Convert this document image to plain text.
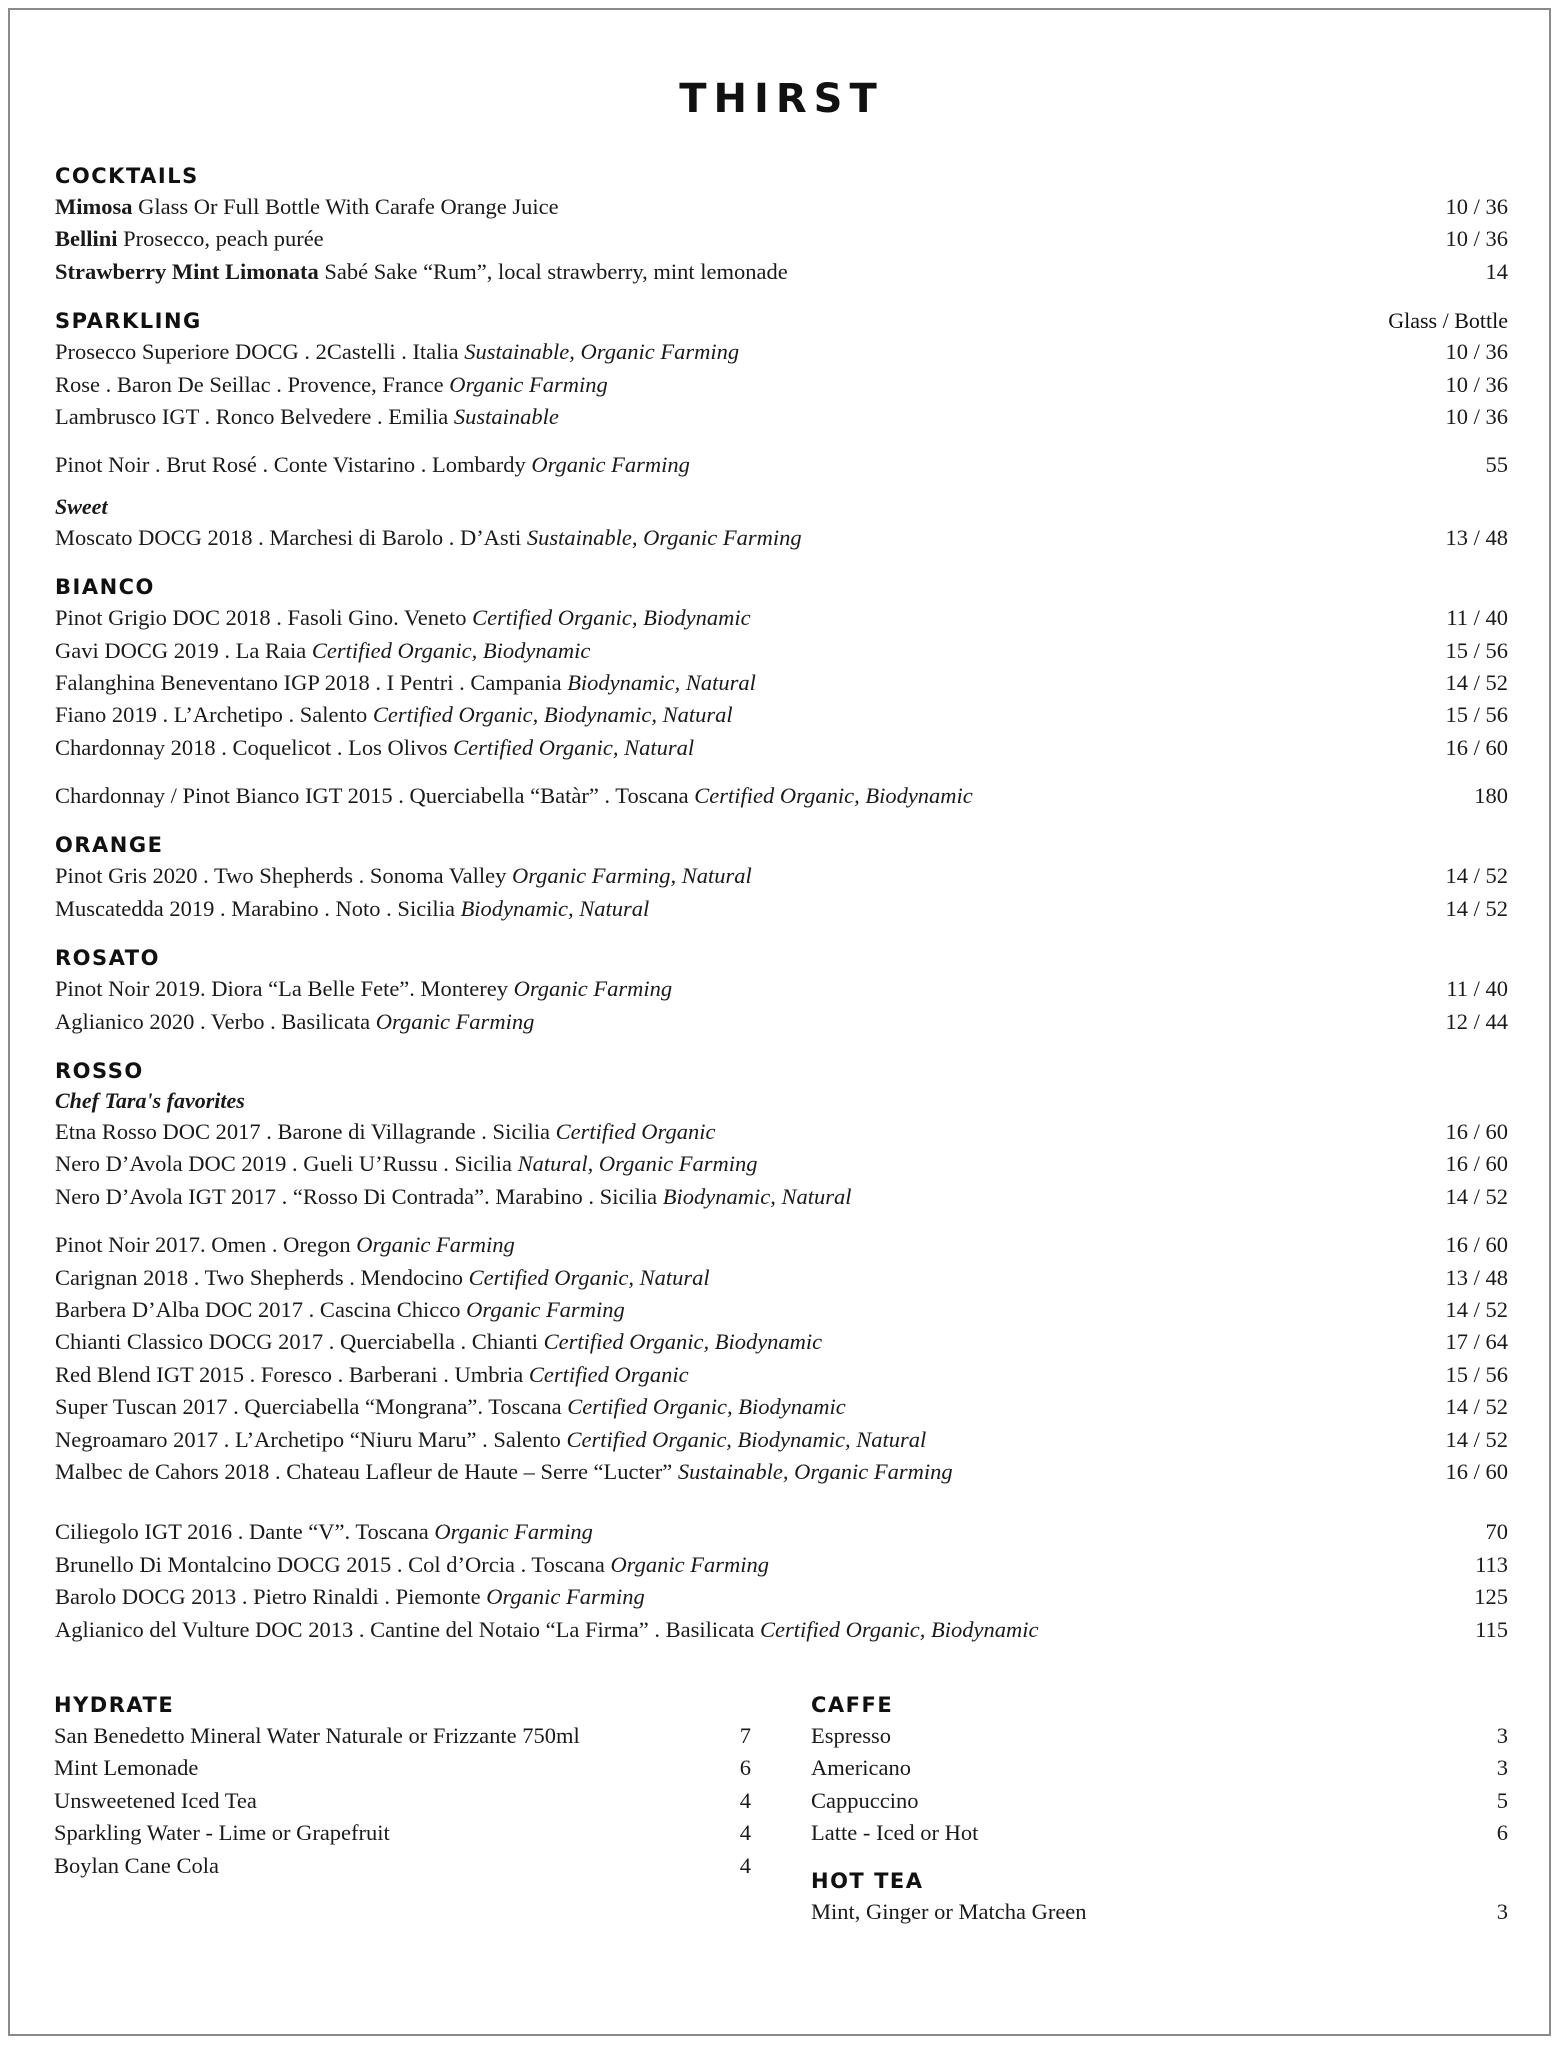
THIRST
COCKTAILS
Mimosa Glass Or Full Bottle With Carafe Orange Juice	10 / 36
Bellini Prosecco, peach purée	10 / 36
Strawberry Mint Limonata Sabé Sake “Rum”, local strawberry, mint lemonade	14
SPARKLING	Glass / Bottle
Prosecco Superiore DOCG . 2Castelli . Italia Sustainable, Organic Farming	10 / 36
Rose . Baron De Seillac . Provence, France Organic Farming	10 / 36
Lambrusco IGT . Ronco Belvedere . Emilia Sustainable	10 / 36
Pinot Noir . Brut Rosé . Conte Vistarino . Lombardy Organic Farming	55
Sweet
Moscato DOCG 2018 . Marchesi di Barolo . D’Asti Sustainable, Organic Farming	13 / 48
BIANCO
Pinot Grigio DOC 2018 . Fasoli Gino. Veneto Certified Organic, Biodynamic	11 / 40
Gavi DOCG 2019 . La Raia Certified Organic, Biodynamic	15 / 56
Falanghina Beneventano IGP 2018 . I Pentri . Campania Biodynamic, Natural	14 / 52
Fiano 2019 . L’Archetipo . Salento Certified Organic, Biodynamic, Natural	15 / 56
Chardonnay 2018 . Coquelicot . Los Olivos Certified Organic, Natural	16 / 60
Chardonnay / Pinot Bianco IGT 2015 . Querciabella “Batàr” . Toscana Certified Organic, Biodynamic	180
ORANGE
Pinot Gris 2020 . Two Shepherds . Sonoma Valley Organic Farming, Natural	14 / 52
Muscatedda 2019 . Marabino . Noto . Sicilia Biodynamic, Natural	14 / 52
ROSATO
Pinot Noir 2019. Diora “La Belle Fete”. Monterey Organic Farming	11 / 40
Aglianico 2020 . Verbo . Basilicata Organic Farming	12 / 44
ROSSO
Chef Tara's favorites
Etna Rosso DOC 2017 . Barone di Villagrande . Sicilia Certified Organic	16 / 60
Nero D’Avola DOC 2019 . Gueli U’Russu . Sicilia Natural, Organic Farming	16 / 60
Nero D’Avola IGT 2017 . “Rosso Di Contrada”. Marabino . Sicilia Biodynamic, Natural	14 / 52
Pinot Noir 2017. Omen . Oregon Organic Farming	16 / 60
Carignan 2018 . Two Shepherds . Mendocino Certified Organic, Natural	13 / 48
Barbera D’Alba DOC 2017 . Cascina Chicco Organic Farming	14 / 52
Chianti Classico DOCG 2017 . Querciabella . Chianti Certified Organic, Biodynamic	17 / 64
Red Blend IGT 2015 . Foresco . Barberani . Umbria Certified Organic	15 / 56
Super Tuscan 2017 . Querciabella “Mongrana”. Toscana Certified Organic, Biodynamic	14 / 52
Negroamaro 2017 . L’Archetipo “Niuru Maru” . Salento Certified Organic, Biodynamic, Natural	14 / 52
Malbec de Cahors 2018 . Chateau Lafleur de Haute – Serre “Lucter” Sustainable, Organic Farming	16 / 60
Ciliegolo IGT 2016 . Dante “V”. Toscana Organic Farming	70
Brunello Di Montalcino DOCG 2015 . Col d’Orcia . Toscana Organic Farming	113
Barolo DOCG 2013 . Pietro Rinaldi . Piemonte Organic Farming	125
Aglianico del Vulture DOC 2013 . Cantine del Notaio “La Firma” . Basilicata Certified Organic, Biodynamic	115
HYDRATE
San Benedetto Mineral Water Naturale or Frizzante 750ml	7
Mint Lemonade	6
Unsweetened Iced Tea	4
Sparkling Water - Lime or Grapefruit	4
Boylan Cane Cola	4
CAFFE
Espresso	3
Americano	3
Cappuccino	5
Latte - Iced or Hot	6
HOT TEA
Mint, Ginger or Matcha Green	3
